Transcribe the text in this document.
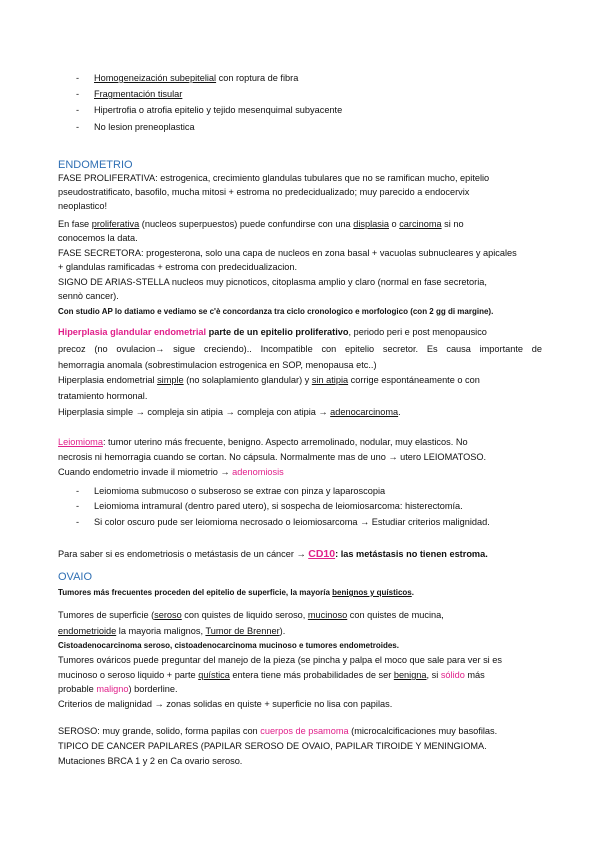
- Homogeneización subepitelial con roptura de fibra
- Fragmentación tisular
- Hipertrofia o atrofia epitelio y tejido mesenquimal subyacente
- No lesion preneoplastica
ENDOMETRIO
FASE PROLIFERATIVA: estrogenica, crecimiento glandulas tubulares que no se ramifican mucho, epitelio
pseudostratificato, basofilo, mucha mitosi + estroma no predecidualizado; muy parecido a endocervix
neoplastico!
En fase proliferativa (nucleos superpuestos) puede confundirse con una displasia o carcinoma si no
conocemos la data.
FASE SECRETORA: progesterona, solo una capa de nucleos en zona basal + vacuolas subnucleares y apicales
+ glandulas ramificadas + estroma con predecidualizacion.
SIGNO DE ARIAS-STELLA nucleos muy picnoticos, citoplasma amplio y claro (normal en fase secretoria,
sennò cancer).
Con studio AP lo datiamo e vediamo se c'è concordanza tra ciclo cronologico e morfologico (con 2 gg di margine).
Hiperplasia glandular endometrial parte de un epitelio proliferativo, periodo peri e post menopausico
precoz (no ovulacion→ sigue creciendo).. Incompatible con epitelio secretor. Es causa importante de
hemorragia anomala (sobrestimulacion estrogenica en SOP, menopausa etc..)
Hiperplasia endometrial simple (no solaplamiento glandular) y sin atipia corrige espontáneamente o con
tratamiento hormonal.
Hiperplasia simple → compleja sin atipia → compleja con atipia → adenocarcinoma.
Leiomioma: tumor uterino más frecuente, benigno. Aspecto arremolinado, nodular, muy elasticos. No
necrosis ni hemorragia cuando se cortan. No cápsula. Normalmente mas de uno → utero LEIOMATOSO.
Cuando endometrio invade il miometrio → adenomiosis
- Leiomioma submucoso o subseroso se extrae con pinza y laparoscopia
- Leiomioma intramural (dentro pared utero), si sospecha de leiomiosarcoma: histerectomía.
- Si color oscuro pude ser leiomioma necrosado o leiomiosarcoma → Estudiar criterios malignidad.
Para saber si es endometriosis o metástasis de un cáncer → CD10: las metástasis no tienen estroma.
OVAIO
Tumores más frecuentes proceden del epitelio de superficie, la mayoría benignos y quísticos.
Tumores de superficie (seroso con quistes de liquido seroso, mucinoso con quistes de mucina,
endometrioide la mayoria malignos, Tumor de Brenner).
Cistoadenocarcinoma seroso, cistoadenocarcinoma mucinoso e tumores endometroides.
Tumores ováricos puede preguntar del manejo de la pieza (se pincha y palpa el moco que sale para ver si es
mucinoso o seroso liquido + parte quística entera tiene más probabilidades de ser benigna, si sólido más
probable maligno) borderline.
Criterios de malignidad → zonas solidas en quiste + superficie no lisa con papilas.
SEROSO: muy grande, solido, forma papilas con cuerpos de psamoma (microcalcificaciones muy basofilas.
TIPICO DE CANCER PAPILARES (PAPILAR SEROSO DE OVAIO, PAPILAR TIROIDE Y MENINGIOMA.
Mutaciones BRCA 1 y 2 en Ca ovario seroso.
